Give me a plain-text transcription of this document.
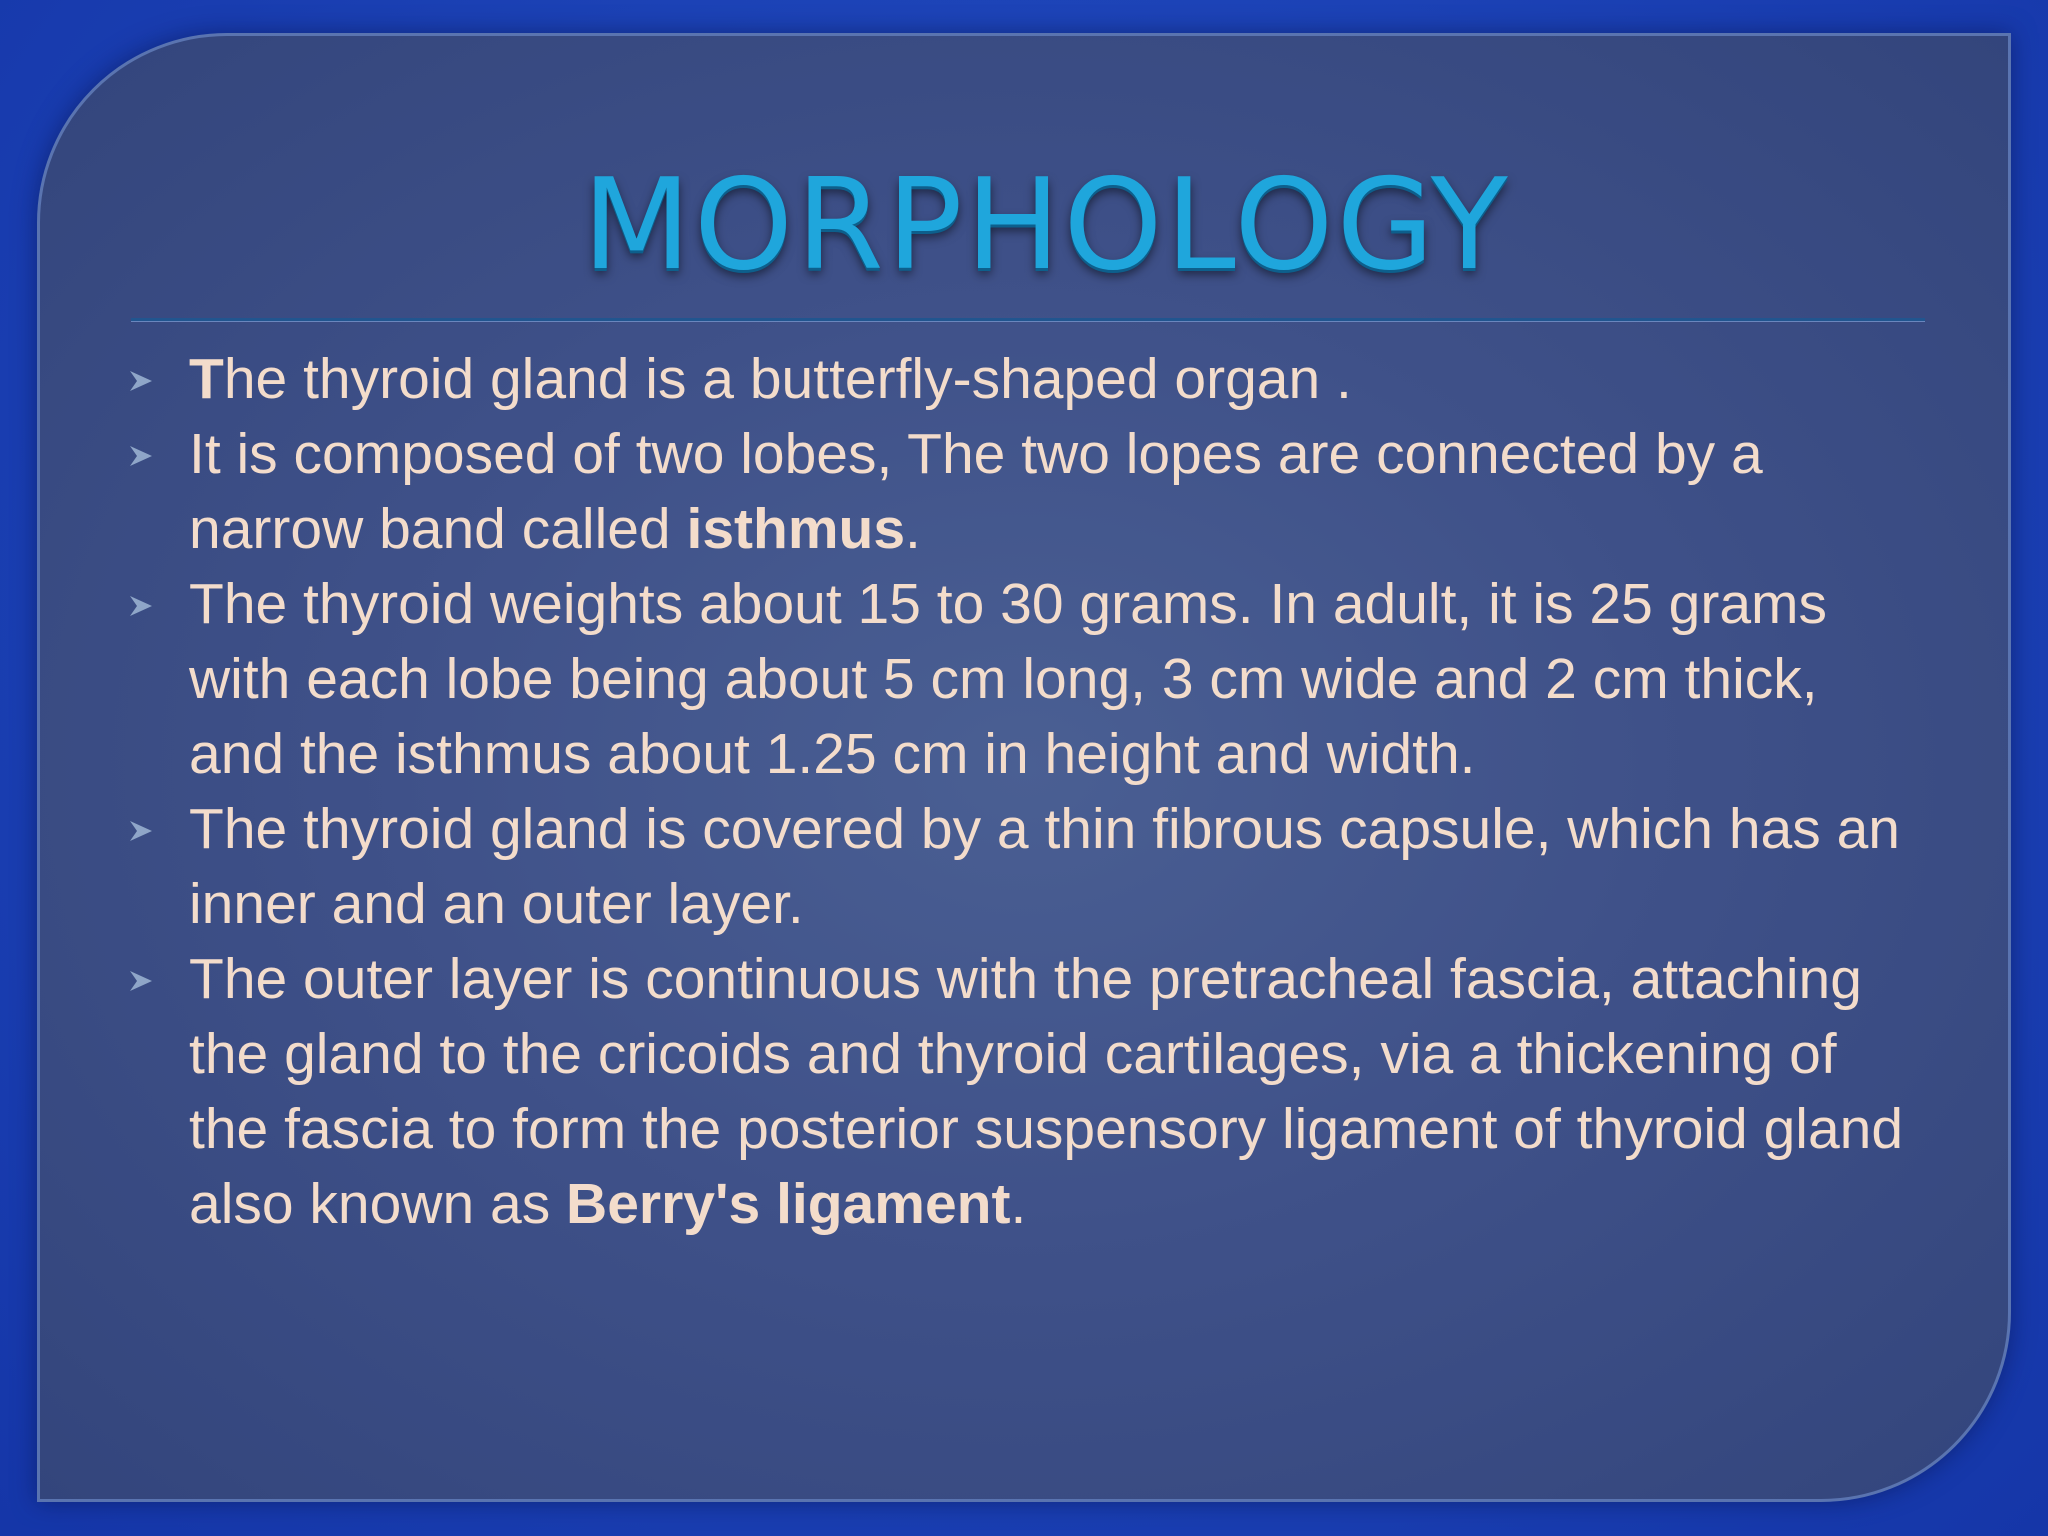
MORPHOLOGY
The thyroid gland is a butterfly-shaped organ .
It is composed of two lobes, The two lopes are connected by a narrow band called isthmus.
The thyroid weights about 15 to 30 grams. In adult, it is 25 grams with each lobe being about 5 cm long, 3 cm wide and 2 cm thick, and the isthmus about 1.25 cm in height and width.
The thyroid gland is covered by a thin fibrous capsule, which has an inner and an outer layer.
The outer layer is continuous with the pretracheal fascia, attaching the gland to the cricoids and thyroid cartilages, via a thickening of the fascia to form the posterior suspensory ligament of thyroid gland also known as Berry's ligament.
